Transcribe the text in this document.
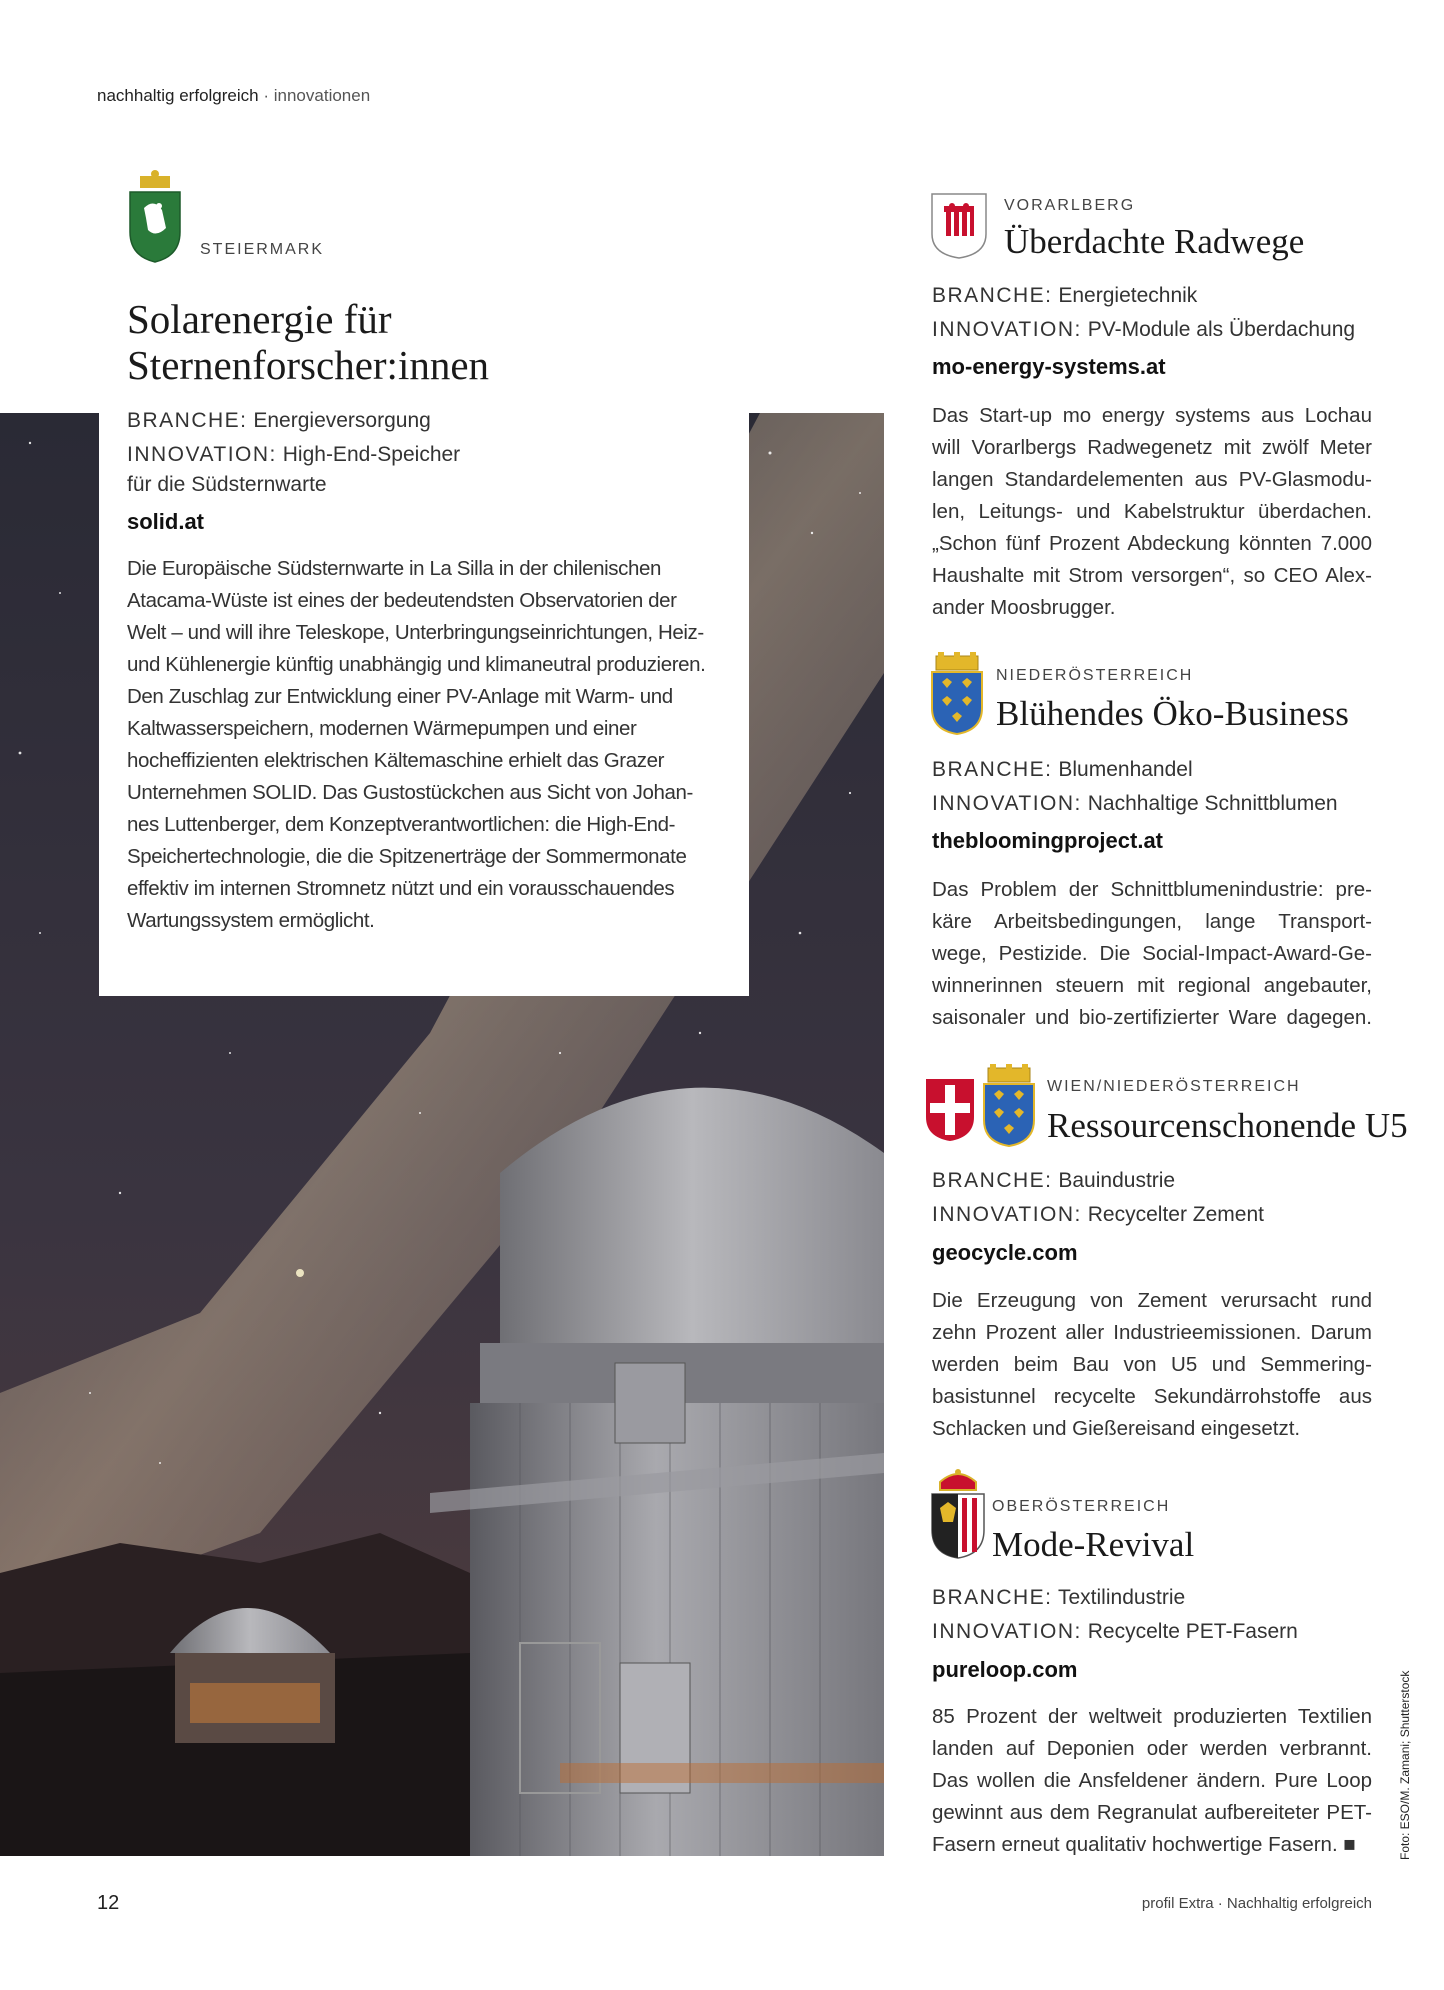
nachhaltig erfolgreich · innovationen
STEIERMARK
Solarenergie für
Sternenforscher:innen
BRANCHE: Energieversorgung
INNOVATION: High-End-Speicher
für die Südsternwarte
solid.at
Die Europäische Südsternwarte in La Silla in der chilenischen
Atacama-Wüste ist eines der bedeutendsten Observatorien der
Welt – und will ihre Teleskope, Unterbringungseinrichtungen, Heiz-
und Kühlenergie künftig unabhängig und klimaneutral produzieren.
Den Zuschlag zur Entwicklung einer PV-Anlage mit Warm- und
Kaltwasserspeichern, modernen Wärmepumpen und einer
hocheffizienten elektrischen Kältemaschine erhielt das Grazer
Unternehmen SOLID. Das Gustostückchen aus Sicht von Johan-
nes Luttenberger, dem Konzeptverantwortlichen: die High-End-
Speichertechnologie, die die Spitzenerträge der Sommermonate
effektiv im internen Stromnetz nützt und ein vorausschauendes
Wartungssystem ermöglicht.
VORARLBERG
Überdachte Radwege
BRANCHE: Energietechnik
INNOVATION: PV-Module als Überdachung
mo-energy-systems.at
Das Start-up mo energy systems aus Lochau
will Vorarlbergs Radwegenetz mit zwölf Meter
langen Standardelementen aus PV-Glasmodu-
len, Leitungs- und Kabelstruktur überdachen.
„Schon fünf Prozent Abdeckung könnten 7.000
Haushalte mit Strom versorgen“, so CEO Alex-
ander Moosbrugger.
NIEDERÖSTERREICH
Blühendes Öko-Business
BRANCHE: Blumenhandel
INNOVATION: Nachhaltige Schnittblumen
thebloomingproject.at
Das Problem der Schnittblumenindustrie: pre-
käre Arbeitsbedingungen, lange Transport-
wege, Pestizide. Die Social-Impact-Award-Ge-
winnerinnen steuern mit regional angebauter,
saisonaler und bio-zertifizierter Ware dagegen.
WIEN/NIEDERÖSTERREICH
Ressourcenschonende U5
BRANCHE: Bauindustrie
INNOVATION: Recycelter Zement
geocycle.com
Die Erzeugung von Zement verursacht rund
zehn Prozent aller Industrieemissionen. Darum
werden beim Bau von U5 und Semmering-
basistunnel recycelte Sekundärrohstoffe aus
Schlacken und Gießereisand eingesetzt.
OBERÖSTERREICH
Mode-Revival
BRANCHE: Textilindustrie
INNOVATION: Recycelte PET-Fasern
pureloop.com
85 Prozent der weltweit produzierten Textilien
landen auf Deponien oder werden verbrannt.
Das wollen die Ansfeldener ändern. Pure Loop
gewinnt aus dem Regranulat aufbereiteter PET-
Fasern erneut qualitativ hochwertige Fasern. ■	Foto: ESO/M. Zamani; Shutterstock
12	profil Extra · Nachhaltig erfolgreich
